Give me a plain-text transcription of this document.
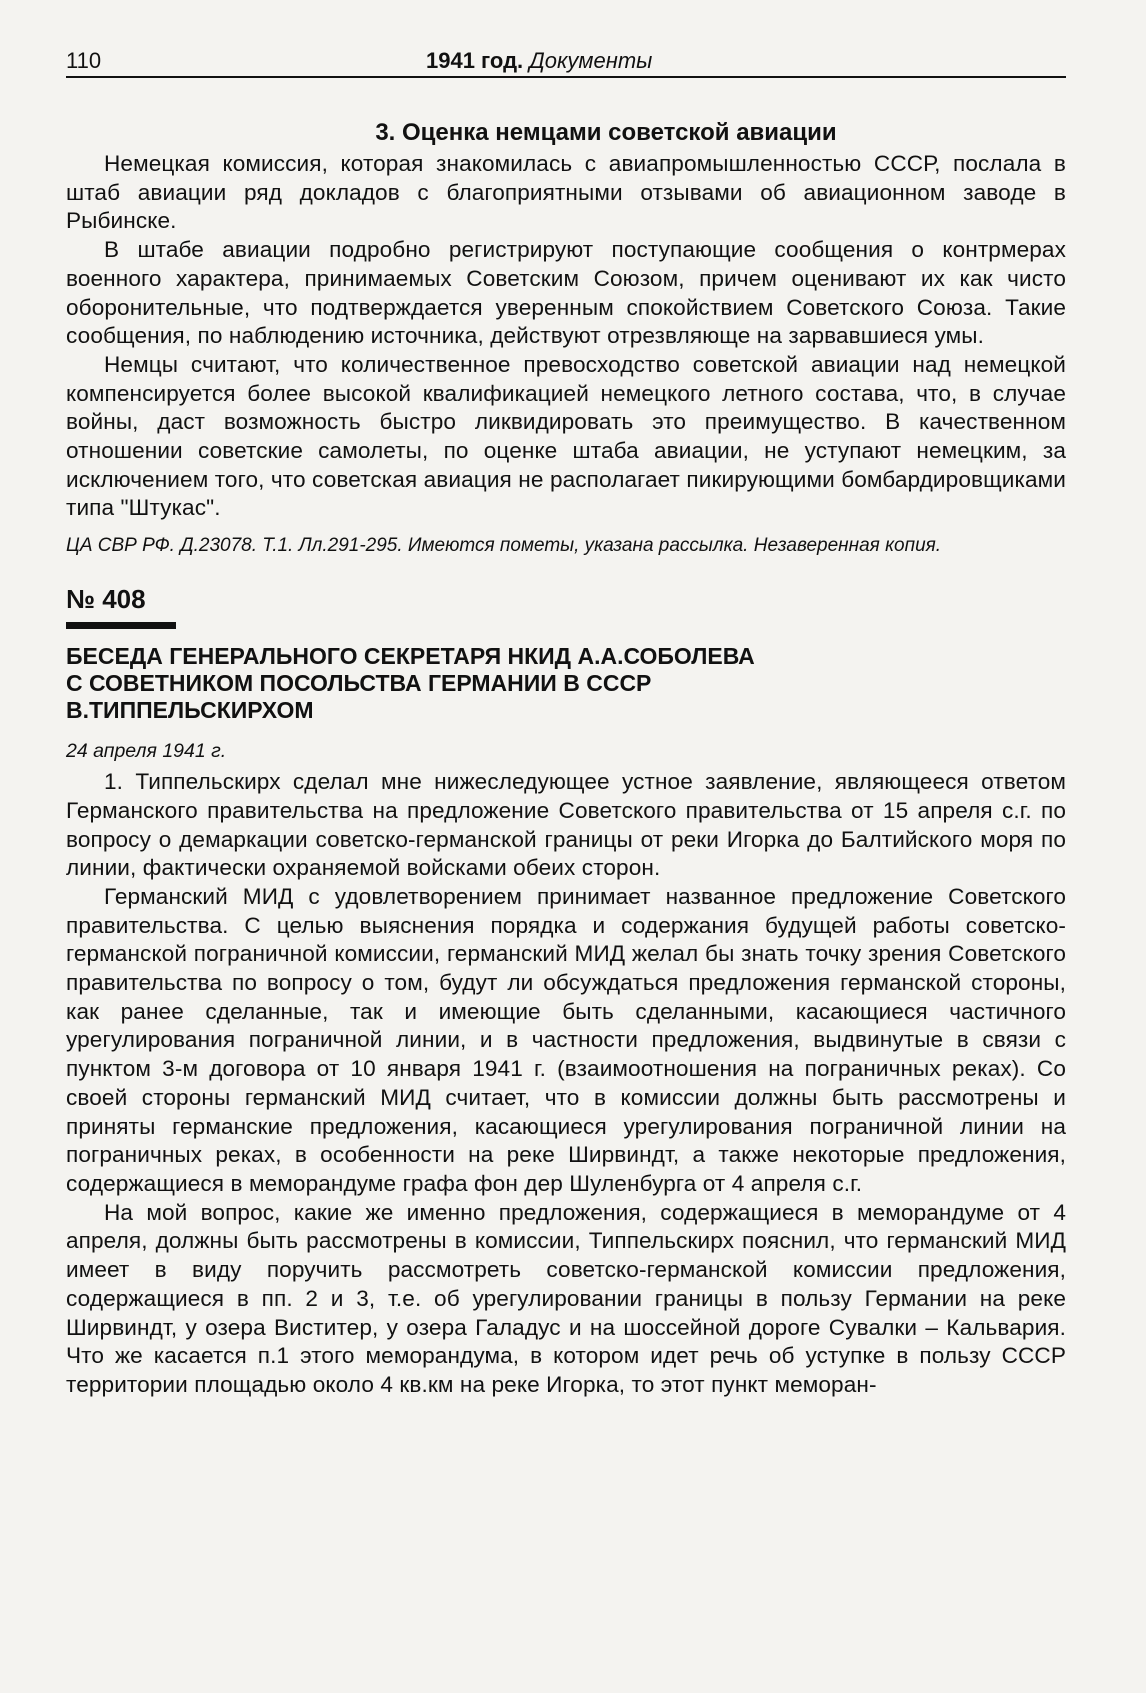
110	1941 год. Документы
3. Оценка немцами советской авиации

Немецкая комиссия, которая знакомилась с авиапромышленностью СССР, послала в штаб авиации ряд докладов с благоприятными отзывами об авиационном заводе в Рыбинске.

В штабе авиации подробно регистрируют поступающие сообщения о контрмерах военного характера, принимаемых Советским Союзом, причем оценивают их как чисто оборонительные, что подтверждается уверенным спокойствием Советского Союза. Такие сообщения, по наблюдению источника, действуют отрезвляюще на зарвавшиеся умы.

Немцы считают, что количественное превосходство советской авиации над немецкой компенсируется более высокой квалификацией немецкого летного состава, что, в случае войны, даст возможность быстро ликвидировать это преимущество. В качественном отношении советские самолеты, по оценке штаба авиации, не уступают немецким, за исключением того, что советская авиация не располагает пикирующими бомбардировщиками типа "Штукас".

ЦА СВР РФ. Д.23078. Т.1. Лл.291-295. Имеются пометы, указана рассылка. Незаверенная копия.

№ 408
БЕСЕДА ГЕНЕРАЛЬНОГО СЕКРЕТАРЯ НКИД А.А.СОБОЛЕВА
С СОВЕТНИКОМ ПОСОЛЬСТВА ГЕРМАНИИ В СССР
В.ТИППЕЛЬСКИРХОМ
24 апреля 1941 г.

1. Типпельскирх сделал мне нижеследующее устное заявление, являющееся ответом Германского правительства на предложение Советского правительства от 15 апреля с.г. по вопросу о демаркации советско-германской границы от реки Игорка до Балтийского моря по линии, фактически охраняемой войсками обеих сторон.

Германский МИД с удовлетворением принимает названное предложение Советского правительства. С целью выяснения порядка и содержания будущей работы советско-германской пограничной комиссии, германский МИД желал бы знать точку зрения Советского правительства по вопросу о том, будут ли обсуждаться предложения германской стороны, как ранее сделанные, так и имеющие быть сделанными, касающиеся частичного урегулирования пограничной линии, и в частности предложения, выдвинутые в связи с пунктом 3-м договора от 10 января 1941 г. (взаимоотношения на пограничных реках). Со своей стороны германский МИД считает, что в комиссии должны быть рассмотрены и приняты германские предложения, касающиеся урегулирования пограничной линии на пограничных реках, в особенности на реке Ширвиндт, а также некоторые предложения, содержащиеся в меморандуме графа фон дер Шуленбурга от 4 апреля с.г.

На мой вопрос, какие же именно предложения, содержащиеся в меморандуме от 4 апреля, должны быть рассмотрены в комиссии, Типпельскирх пояснил, что германский МИД имеет в виду поручить рассмотреть советско-германской комиссии предложения, содержащиеся в пп. 2 и 3, т.е. об урегулировании границы в пользу Германии на реке Ширвиндт, у озера Виститер, у озера Галадус и на шоссейной дороге Сувалки – Кальвария. Что же касается п.1 этого меморандума, в котором идет речь об уступке в пользу СССР территории площадью около 4 кв.км на реке Игорка, то этот пункт меморан-
